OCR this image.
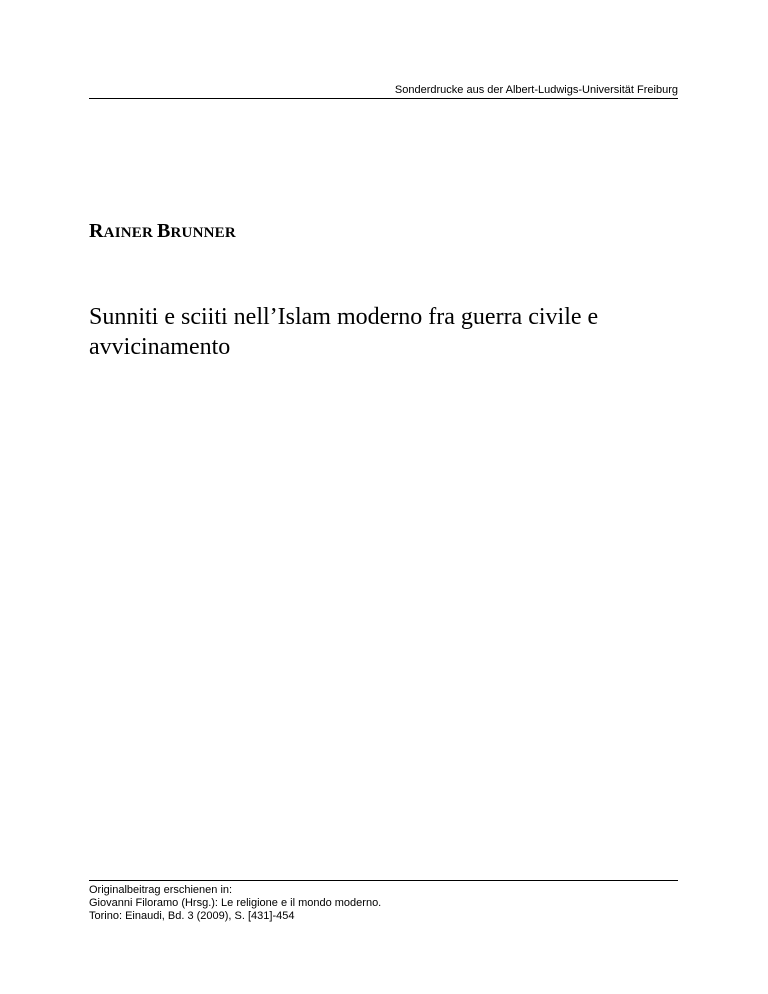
Sonderdrucke aus der Albert-Ludwigs-Universität Freiburg
RAINER BRUNNER
Sunniti e sciiti nell’Islam moderno fra guerra civile e
avvicinamento
Originalbeitrag erschienen in:
Giovanni Filoramo (Hrsg.): Le religione e il mondo moderno.
Torino: Einaudi, Bd. 3 (2009), S. [431]-454
